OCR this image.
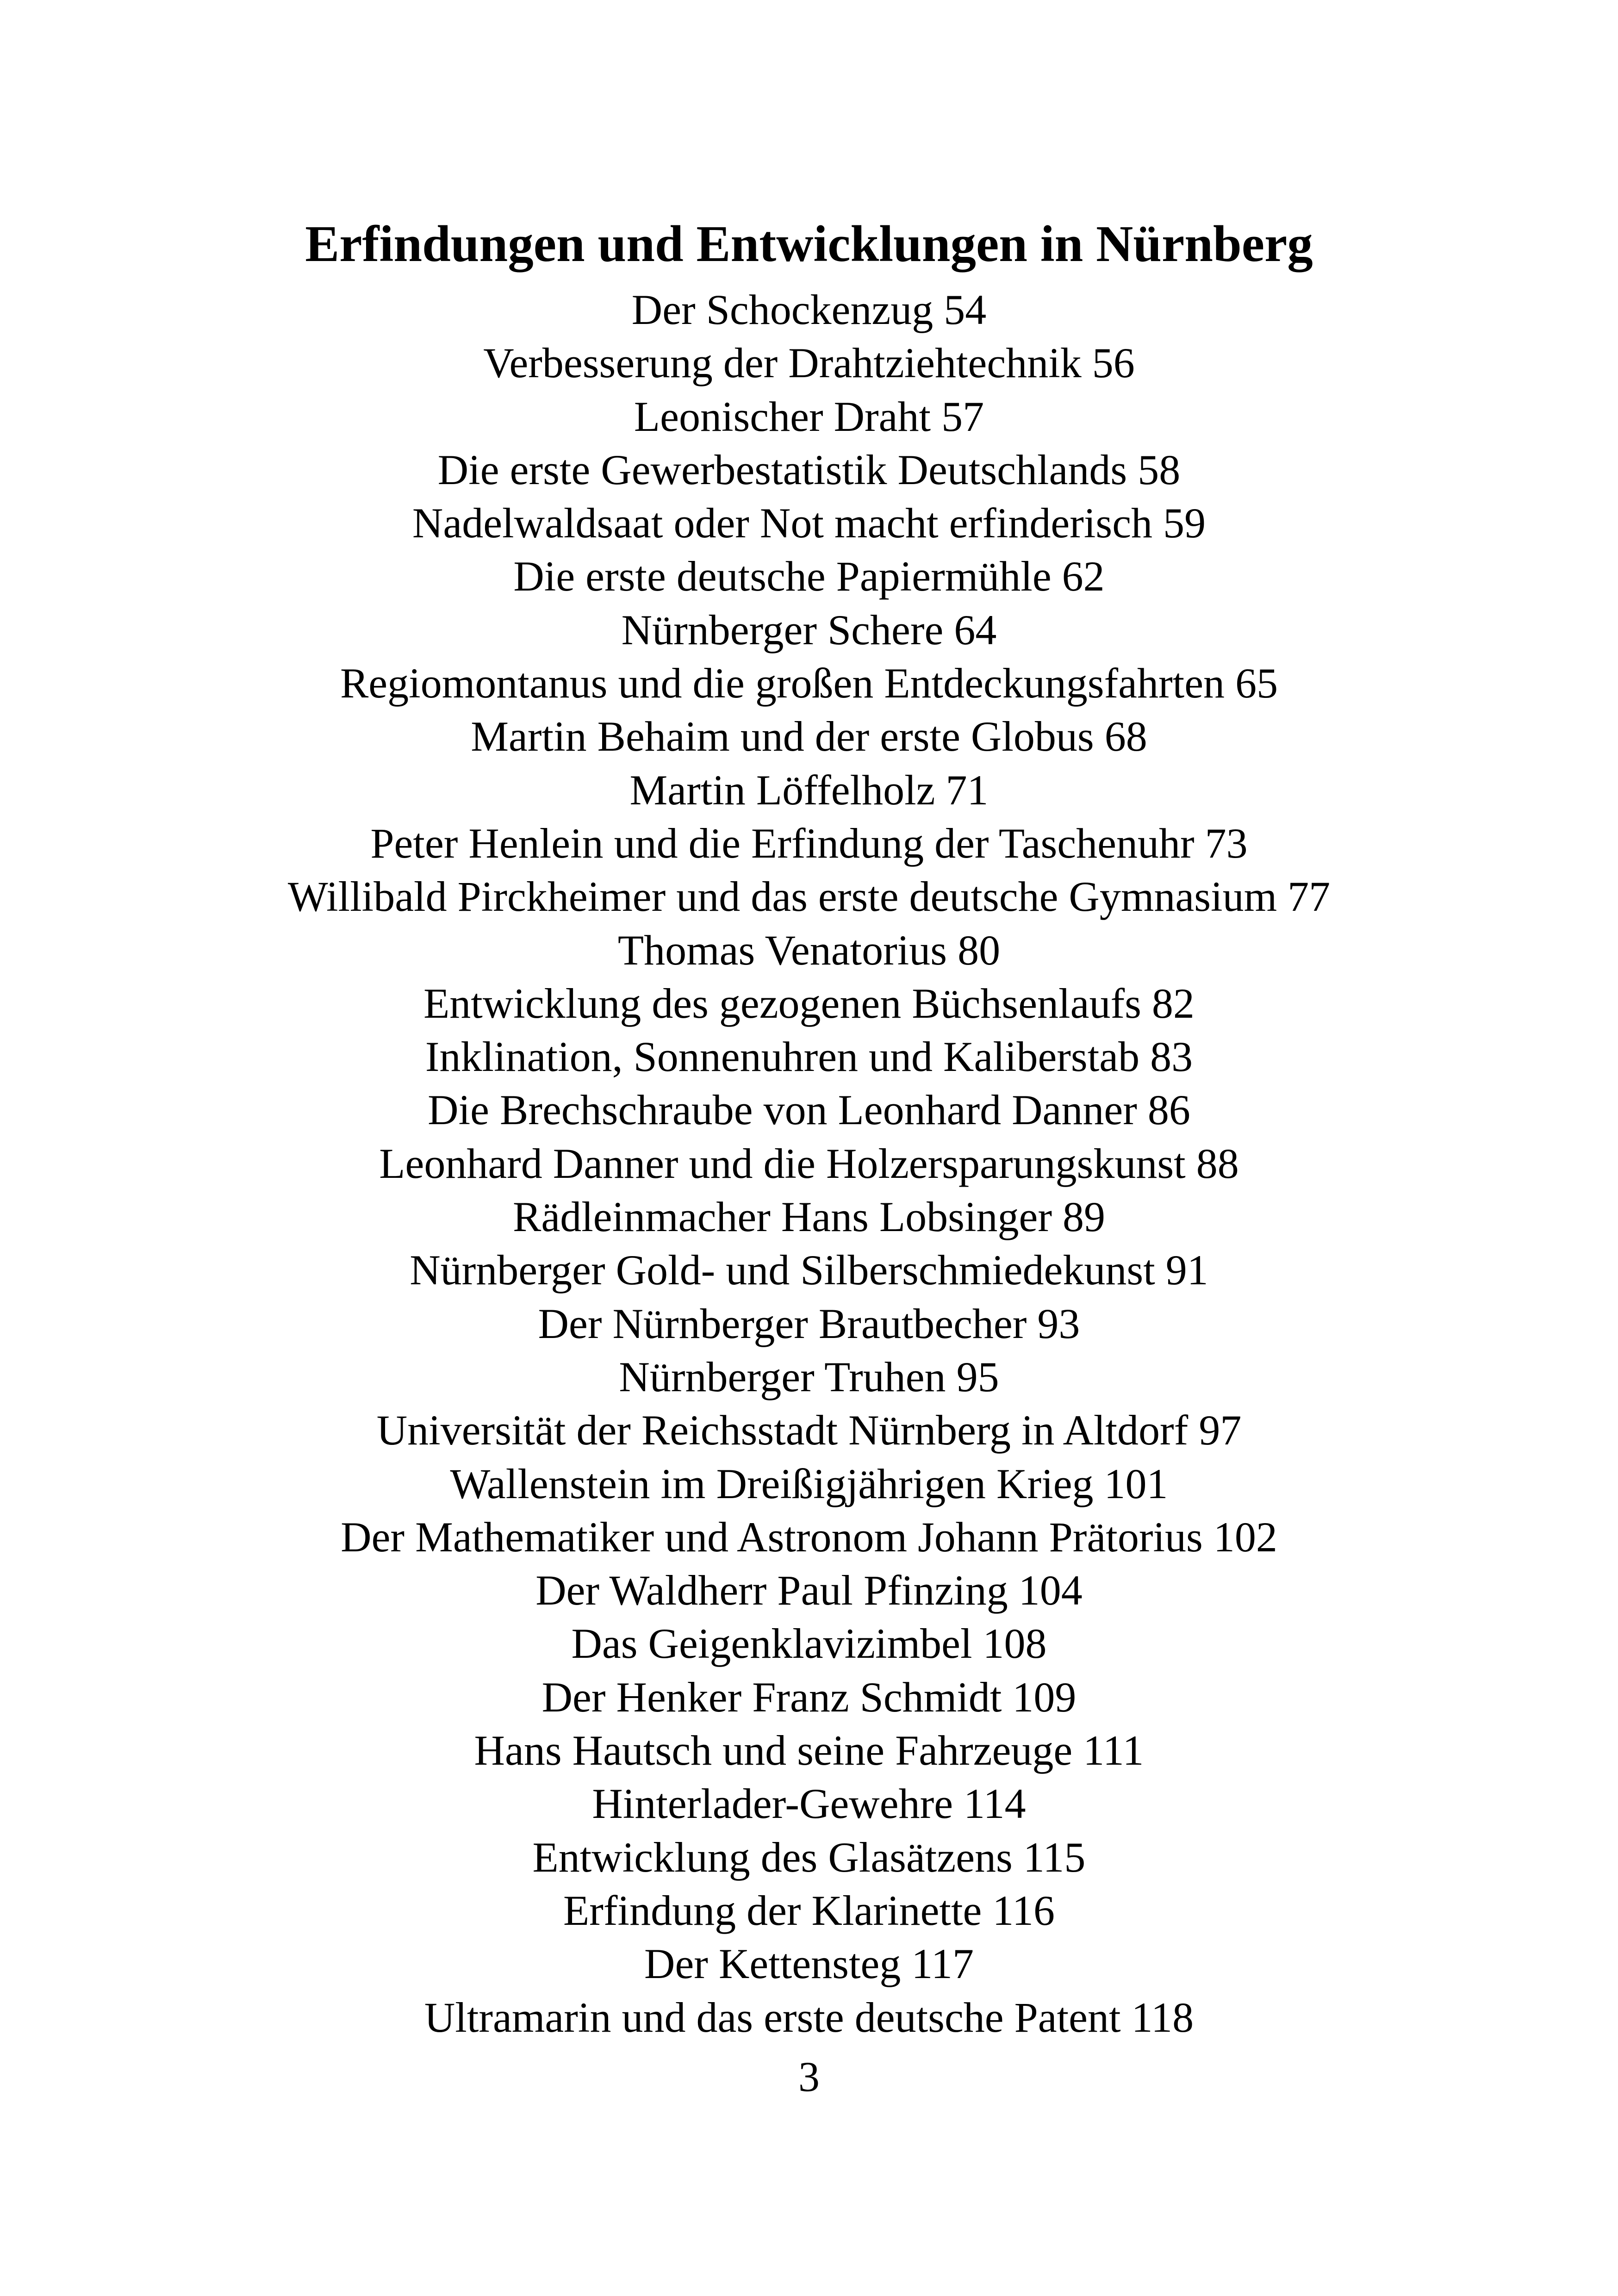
Erfindungen und Entwicklungen in Nürnberg
Der Schockenzug 54
Verbesserung der Drahtziehtechnik 56
Leonischer Draht 57
Die erste Gewerbestatistik Deutschlands 58
Nadelwaldsaat oder Not macht erfinderisch 59
Die erste deutsche Papiermühle 62
Nürnberger Schere 64
Regiomontanus und die großen Entdeckungsfahrten 65
Martin Behaim und der erste Globus 68
Martin Löffelholz 71
Peter Henlein und die Erfindung der Taschenuhr 73
Willibald Pirckheimer und das erste deutsche Gymnasium 77
Thomas Venatorius 80
Entwicklung des gezogenen Büchsenlaufs 82
Inklination, Sonnenuhren und Kaliberstab 83
Die Brechschraube von Leonhard Danner 86
Leonhard Danner und die Holzersparungskunst 88
Rädleinmacher Hans Lobsinger 89
Nürnberger Gold- und Silberschmiedekunst 91
Der Nürnberger Brautbecher 93
Nürnberger Truhen 95
Universität der Reichsstadt Nürnberg in Altdorf 97
Wallenstein im Dreißigjährigen Krieg 101
Der Mathematiker und Astronom Johann Prätorius 102
Der Waldherr Paul Pfinzing 104
Das Geigenklavizimbel 108
Der Henker Franz Schmidt 109
Hans Hautsch und seine Fahrzeuge 111
Hinterlader-Gewehre 114
Entwicklung des Glasätzens 115
Erfindung der Klarinette 116
Der Kettensteg 117
Ultramarin und das erste deutsche Patent 118
3
